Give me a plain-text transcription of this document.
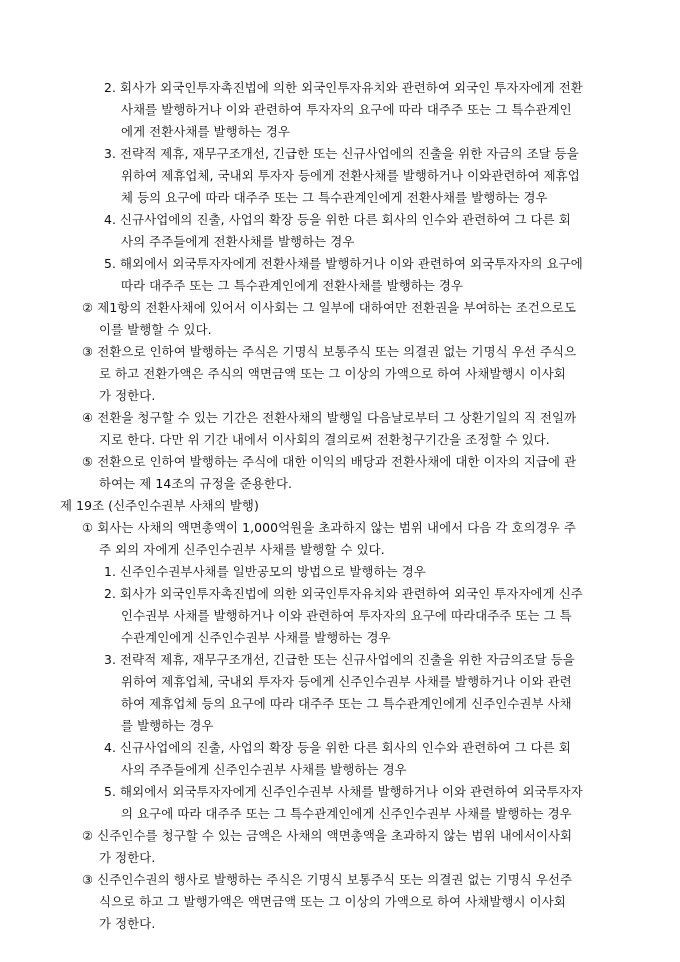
2. 회사가 외국인투자촉진법에 의한 외국인투자유치와 관련하여 외국인 투자자에게 전환
사채를 발행하거나 이와 관련하여 투자자의 요구에 따라 대주주 또는 그 특수관계인
에게 전환사채를 발행하는 경우
3. 전략적 제휴, 재무구조개선, 긴급한 또는 신규사업에의 진출을 위한 자금의 조달 등을
위하여 제휴업체, 국내외 투자자 등에게 전환사채를 발행하거나 이와관련하여 제휴업
체 등의 요구에 따라 대주주 또는 그 특수관계인에게 전환사채를 발행하는 경우
4. 신규사업에의 진출, 사업의 확장 등을 위한 다른 회사의 인수와 관련하여 그 다른 회
사의 주주들에게 전환사채를 발행하는 경우
5. 해외에서 외국투자자에게 전환사채를 발행하거나 이와 관련하여 외국투자자의 요구에
따라 대주주 또는 그 특수관계인에게 전환사채를 발행하는 경우
② 제1항의 전환사채에 있어서 이사회는 그 일부에 대하여만 전환권을 부여하는 조건으로도
이를 발행할 수 있다.
③ 전환으로 인하여 발행하는 주식은 기명식 보통주식 또는 의결권 없는 기명식 우선 주식으
로 하고 전환가액은 주식의 액면금액 또는 그 이상의 가액으로 하여 사채발행시 이사회
가 정한다.
④ 전환을 청구할 수 있는 기간은 전환사채의 발행일 다음날로부터 그 상환기일의 직 전일까
지로 한다. 다만 위 기간 내에서 이사회의 결의로써 전환청구기간을 조정할 수 있다.
⑤ 전환으로 인하여 발행하는 주식에 대한 이익의 배당과 전환사채에 대한 이자의 지급에 관
하여는 제 14조의 규정을 준용한다.
제 19조 (신주인수권부 사채의 발행)
① 회사는 사채의 액면총액이 1,000억원을 초과하지 않는 범위 내에서 다음 각 호의경우 주
주 외의 자에게 신주인수권부 사채를 발행할 수 있다.
1. 신주인수권부사채를 일반공모의 방법으로 발행하는 경우
2. 회사가 외국인투자촉진법에 의한 외국인투자유치와 관련하여 외국인 투자자에게 신주
인수권부 사채를 발행하거나 이와 관련하여 투자자의 요구에 따라대주주 또는 그 특
수관계인에게 신주인수권부 사채를 발행하는 경우
3. 전략적 제휴, 재무구조개선, 긴급한 또는 신규사업에의 진출을 위한 자금의조달 등을
위하여 제휴업체, 국내외 투자자 등에게 신주인수권부 사채를 발행하거나 이와 관련
하여 제휴업체 등의 요구에 따라 대주주 또는 그 특수관계인에게 신주인수권부 사채
를 발행하는 경우
4. 신규사업에의 진출, 사업의 확장 등을 위한 다른 회사의 인수와 관련하여 그 다른 회
사의 주주들에게 신주인수권부 사채를 발행하는 경우
5. 해외에서 외국투자자에게 신주인수권부 사채를 발행하거나 이와 관련하여 외국투자자
의 요구에 따라 대주주 또는 그 특수관계인에게 신주인수권부 사채를 발행하는 경우
② 신주인수를 청구할 수 있는 금액은 사채의 액면총액을 초과하지 않는 범위 내에서이사회
가 정한다.
③ 신주인수권의 행사로 발행하는 주식은 기명식 보통주식 또는 의결권 없는 기명식 우선주
식으로 하고 그 발행가액은 액면금액 또는 그 이상의 가액으로 하여 사채발행시 이사회
가 정한다.
